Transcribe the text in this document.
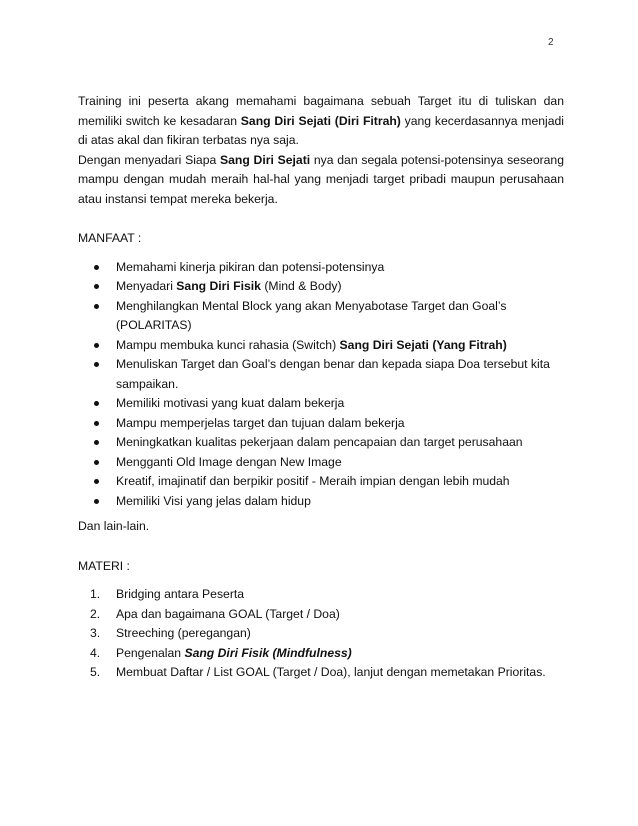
2

Training ini peserta akang memahami bagaimana sebuah Target itu di tuliskan dan memiliki switch ke kesadaran Sang Diri Sejati (Diri Fitrah) yang kecerdasannya menjadi di atas akal dan fikiran terbatas nya saja.

Dengan menyadari Siapa Sang Diri Sejati nya dan segala potensi-potensinya seseorang mampu dengan mudah meraih hal-hal yang menjadi target pribadi maupun perusahaan atau instansi tempat mereka bekerja.

MANFAAT :

Memahami kinerja pikiran dan potensi-potensinya
Menyadari Sang Diri Fisik (Mind & Body)
Menghilangkan Mental Block yang akan Menyabotase Target dan Goal’s (POLARITAS)
Mampu membuka kunci rahasia (Switch) Sang Diri Sejati (Yang Fitrah)
Menuliskan Target dan Goal’s dengan benar dan kepada siapa Doa tersebut kita sampaikan.
Memiliki motivasi yang kuat dalam bekerja
Mampu memperjelas target dan tujuan dalam bekerja
Meningkatkan kualitas pekerjaan dalam pencapaian dan target perusahaan
Mengganti Old Image dengan New Image
Kreatif, imajinatif dan berpikir positif - Meraih impian dengan lebih mudah
Memiliki Visi yang jelas dalam hidup

Dan lain-lain.

MATERI :

1. Bridging antara Peserta
2. Apa dan bagaimana GOAL (Target / Doa)
3. Streeching (peregangan)
4. Pengenalan Sang Diri Fisik (Mindfulness)
5. Membuat Daftar / List GOAL (Target / Doa), lanjut dengan memetakan Prioritas.
